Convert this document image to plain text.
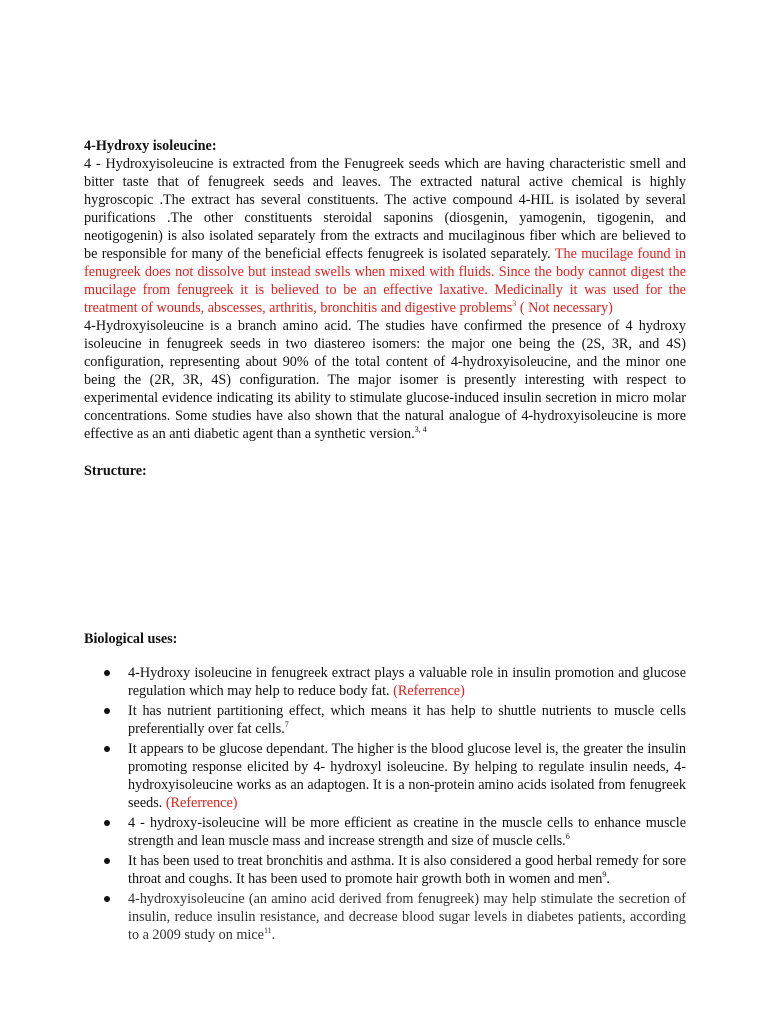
4-Hydroxy isoleucine:

4 - Hydroxyisoleucine is extracted from the Fenugreek seeds which are having characteristic smell and bitter taste that of fenugreek seeds and leaves. The extracted natural active chemical is highly hygroscopic .The extract has several constituents. The active compound 4-HIL is isolated by several purifications .The other constituents steroidal saponins (diosgenin, yamogenin, tigogenin, and neotigogenin) is also isolated separately from the extracts and mucilaginous fiber which are believed to be responsible for many of the beneficial effects fenugreek is isolated separately. The mucilage found in fenugreek does not dissolve but instead swells when mixed with fluids. Since the body cannot digest the mucilage from fenugreek it is believed to be an effective laxative. Medicinally it was used for the treatment of wounds, abscesses, arthritis, bronchitis and digestive problems$^3$ ( Not necessary)

4-Hydroxyisoleucine is a branch amino acid. The studies have confirmed the presence of 4 hydroxy isoleucine in fenugreek seeds in two diastereo isomers: the major one being the (2S, 3R, and 4S) configuration, representing about 90% of the total content of 4-hydroxyisoleucine, and the minor one being the (2R, 3R, 4S) configuration. The major isomer is presently interesting with respect to experimental evidence indicating its ability to stimulate glucose-induced insulin secretion in micro molar concentrations. Some studies have also shown that the natural analogue of 4-hydroxyisoleucine is more effective as an anti diabetic agent than a synthetic version.$^{3, 4}$

Structure:

Biological uses:

4-Hydroxy isoleucine in fenugreek extract plays a valuable role in insulin promotion and glucose regulation which may help to reduce body fat. (Referrence)
It has nutrient partitioning effect, which means it has help to shuttle nutrients to muscle cells preferentially over fat cells.$^7$
It appears to be glucose dependant. The higher is the blood glucose level is, the greater the insulin promoting response elicited by 4- hydroxyl isoleucine. By helping to regulate insulin needs, 4-hydroxyisoleucine works as an adaptogen. It is a non-protein amino acids isolated from fenugreek seeds. (Referrence)
4 - hydroxy-isoleucine will be more efficient as creatine in the muscle cells to enhance muscle strength and lean muscle mass and increase strength and size of muscle cells.$^6$
It has been used to treat bronchitis and asthma. It is also considered a good herbal remedy for sore throat and coughs. It has been used to promote hair growth both in women and men$^9$.
4-hydroxyisoleucine (an amino acid derived from fenugreek) may help stimulate the secretion of insulin, reduce insulin resistance, and decrease blood sugar levels in diabetes patients, according to a 2009 study on mice$^{11}$.
